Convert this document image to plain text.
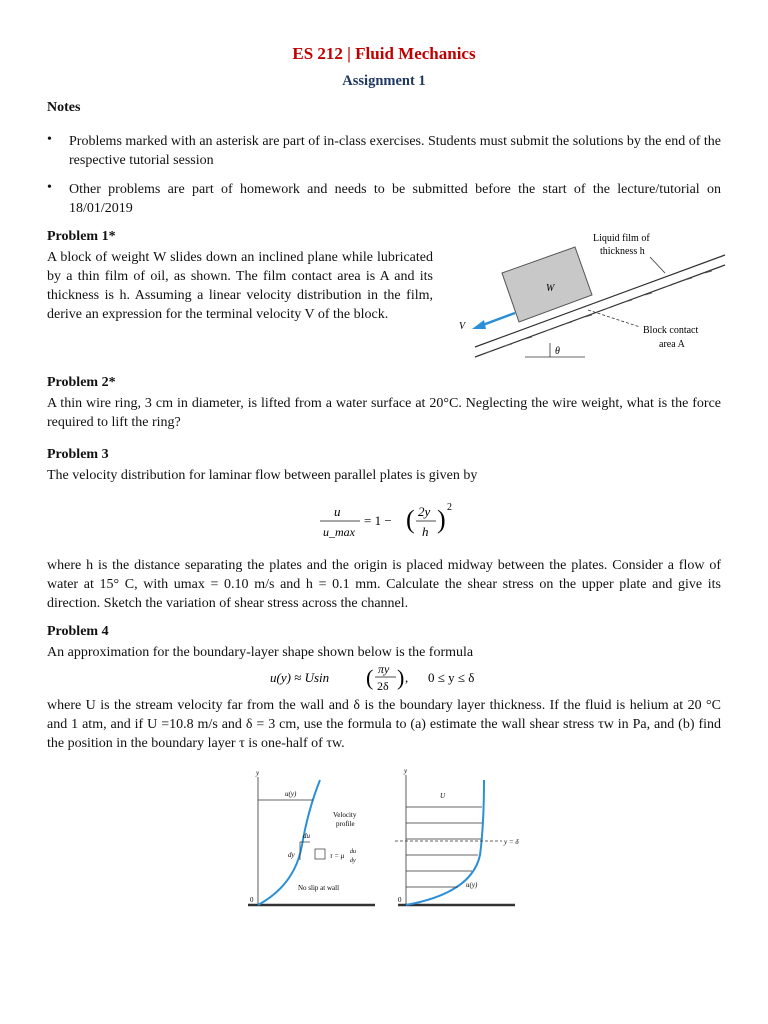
ES 212 | Fluid Mechanics
Assignment 1
Notes
• Problems marked with an asterisk are part of in-class exercises. Students must submit the solutions by the end of the respective tutorial session
• Other problems are part of homework and needs to be submitted before the start of the lecture/tutorial on 18/01/2019
Problem 1*
A block of weight W slides down an inclined plane while lubricated by a thin film of oil, as shown. The film contact area is A and its thickness is h. Assuming a linear velocity distribution in the film, derive an expression for the terminal velocity V of the block.
W
V
Liquid film of
thickness h
Block contact
area A
θ
Problem 2*
A thin wire ring, 3 cm in diameter, is lifted from a water surface at 20°C. Neglecting the wire weight, what is the force required to lift the ring?
Problem 3
The velocity distribution for laminar flow between parallel plates is given by
u
u_max
= 1 − ( 2y
h ) 2
where h is the distance separating the plates and the origin is placed midway between the plates. Consider a flow of water at 15° C, with umax = 0.10 m/s and h = 0.1 mm. Calculate the shear stress on the upper plate and give its direction. Sketch the variation of shear stress across the channel.
Problem 4
An approximation for the boundary-layer shape shown below is the formula
u(y) ≈ Usin ( πy
2δ ) , 0 ≤ y ≤ δ
where U is the stream velocity far from the wall and δ is the boundary layer thickness. If the fluid is helium at 20 °C and 1 atm, and if U =10.8 m/s and δ = 3 cm, use the formula to (a) estimate the wall shear stress τw in Pa, and (b) find the position in the boundary layer τ is one-half of τw.
y
0
u(y)
Velocity
profile
du
dy	τ = μ du
dy
No slip at wall
y
0
U
y = δ
u(y)
